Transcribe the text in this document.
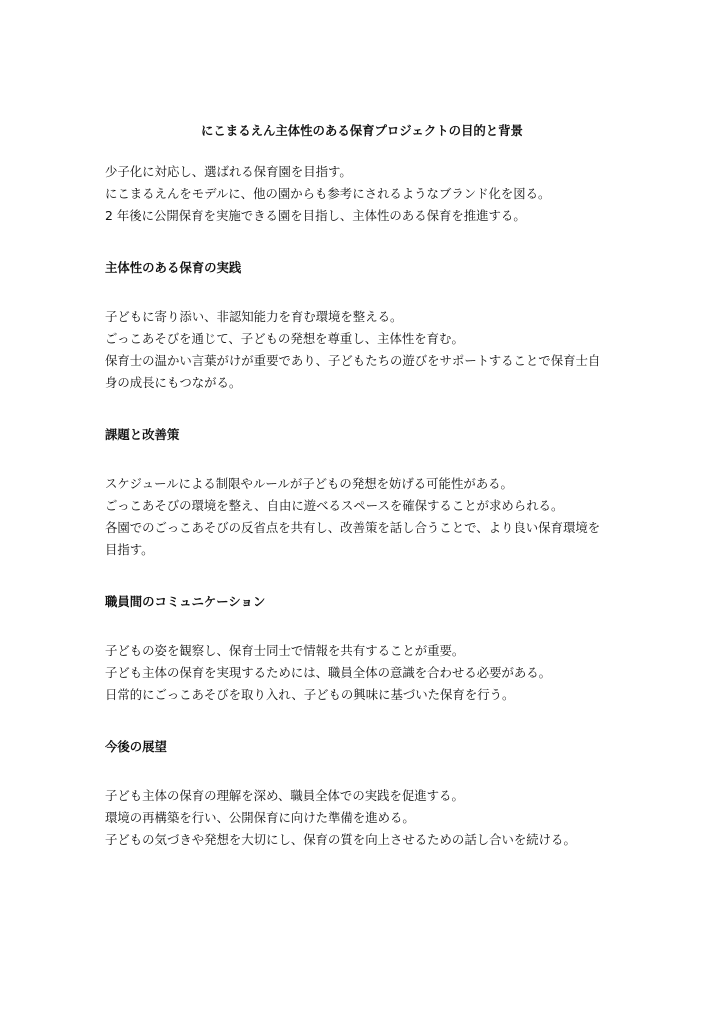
にこまるえん主体性のある保育プロジェクトの目的と背景
少子化に対応し、選ばれる保育園を目指す。
にこまるえんをモデルに、他の園からも参考にされるようなブランド化を図る。
2 年後に公開保育を実施できる園を目指し、主体性のある保育を推進する。
主体性のある保育の実践
子どもに寄り添い、非認知能力を育む環境を整える。
ごっこあそびを通じて、子どもの発想を尊重し、主体性を育む。
保育士の温かい言葉がけが重要であり、子どもたちの遊びをサポートすることで保育士自
身の成長にもつながる。
課題と改善策
スケジュールによる制限やルールが子どもの発想を妨げる可能性がある。
ごっこあそびの環境を整え、自由に遊べるスペースを確保することが求められる。
各園でのごっこあそびの反省点を共有し、改善策を話し合うことで、より良い保育環境を
目指す。
職員間のコミュニケーション
子どもの姿を観察し、保育士同士で情報を共有することが重要。
子ども主体の保育を実現するためには、職員全体の意識を合わせる必要がある。
日常的にごっこあそびを取り入れ、子どもの興味に基づいた保育を行う。
今後の展望
子ども主体の保育の理解を深め、職員全体での実践を促進する。
環境の再構築を行い、公開保育に向けた準備を進める。
子どもの気づきや発想を大切にし、保育の質を向上させるための話し合いを続ける。
